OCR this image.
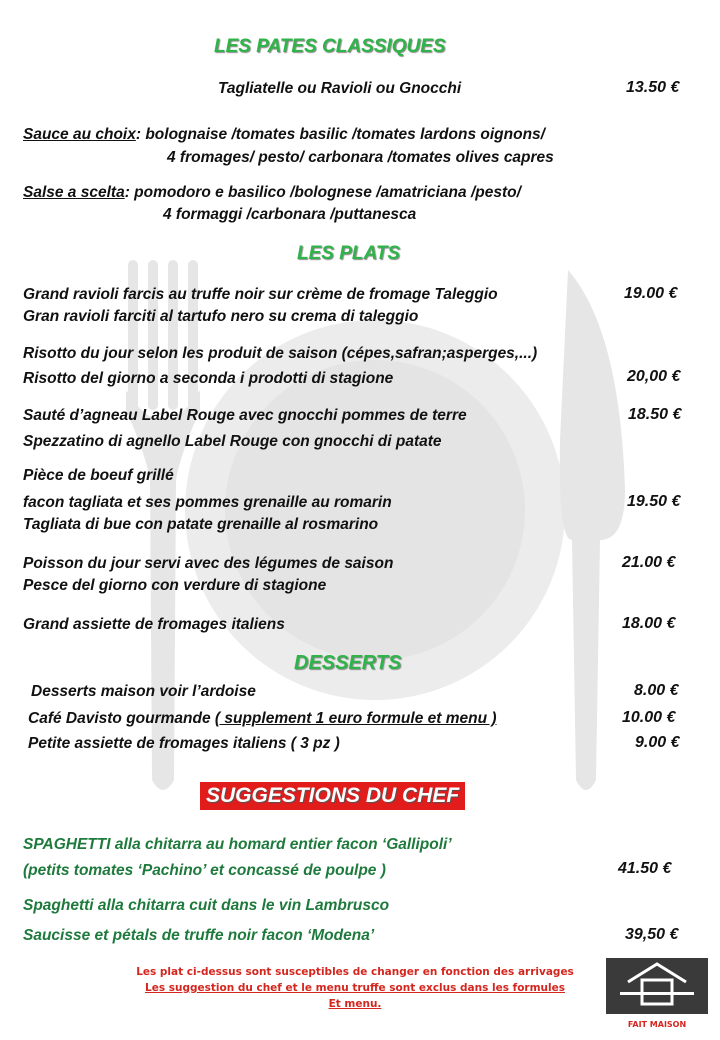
LES PATES CLASSIQUES
Tagliatelle ou Ravioli ou Gnocchi	13.50 €
Sauce au choix: bolognaise /tomates basilic /tomates lardons oignons/
4 fromages/ pesto/ carbonara /tomates olives capres
Salse a scelta: pomodoro e basilico /bolognese /amatriciana /pesto/
4 formaggi /carbonara /puttanesca
LES PLATS
Grand ravioli farcis au truffe noir sur crème de fromage Taleggio	19.00 €
Gran ravioli farciti al tartufo nero su crema di taleggio
Risotto du jour selon les produit de saison (cépes,safran;asperges,...)
Risotto del giorno a seconda i prodotti di stagione	20,00 €
Sauté d’agneau Label Rouge avec gnocchi pommes de terre	18.50 €
Spezzatino di agnello Label Rouge con gnocchi di patate
Pièce de boeuf grillé
facon tagliata et ses pommes grenaille au romarin	19.50 €
Tagliata di bue con patate grenaille al rosmarino
Poisson du jour servi avec des légumes de saison	21.00 €
Pesce del giorno con verdure di stagione
Grand assiette de fromages italiens	18.00 €
DESSERTS
Desserts maison voir l’ardoise	8.00 €
Café Davisto gourmande ( supplement 1 euro formule et menu )	10.00 €
Petite assiette de fromages italiens ( 3 pz )	9.00 €
SUGGESTIONS DU CHEF
SPAGHETTI alla chitarra au homard entier facon ‘Gallipoli’
(petits tomates ‘Pachino’ et concassé de poulpe )	41.50 €
Spaghetti alla chitarra cuit dans le vin Lambrusco
Saucisse et pétals de truffe noir facon ‘Modena’	39,50 €
Les plat ci-dessus sont susceptibles de changer en fonction des arrivages
Les suggestion du chef et le menu truffe sont exclus dans les formules
Et menu.
FAIT MAISON
